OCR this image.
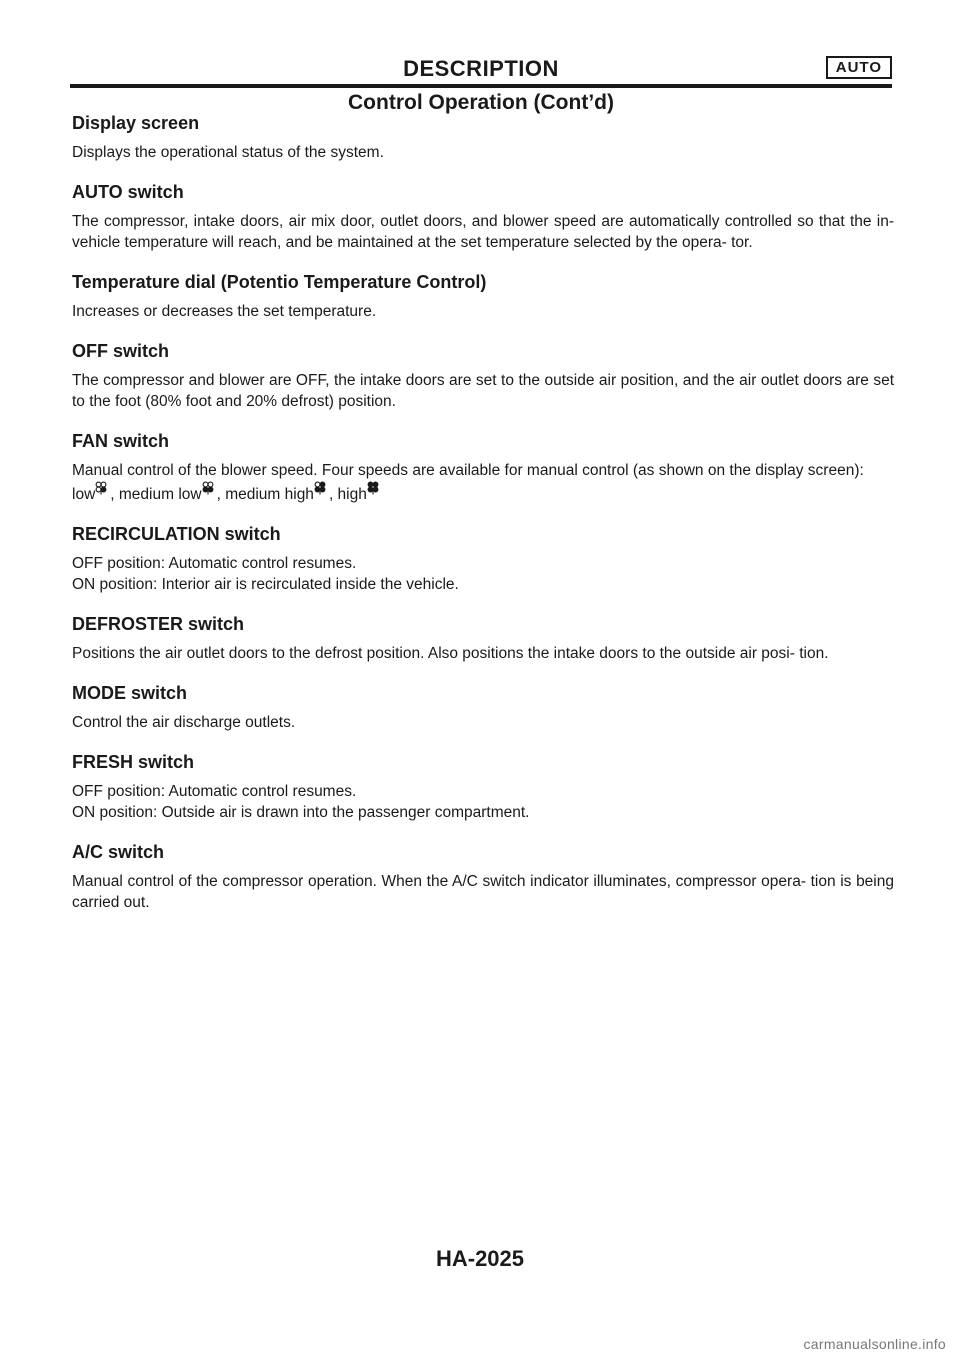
DESCRIPTION	AUTO
Control Operation (Cont’d)
Display screen

Displays the operational status of the system.

AUTO switch

The compressor, intake doors, air mix door, outlet doors, and blower speed are automatically controlled so that the in-vehicle temperature will reach, and be maintained at the set temperature selected by the opera- tor.

Temperature dial (Potentio Temperature Control)

Increases or decreases the set temperature.

OFF switch

The compressor and blower are OFF, the intake doors are set to the outside air position, and the air outlet doors are set to the foot (80% foot and 20% defrost) position.

FAN switch

Manual control of the blower speed. Four speeds are available for manual control (as shown on the display screen):

low , medium low , medium high , high
RECIRCULATION switch

OFF position: Automatic control resumes.

ON position: Interior air is recirculated inside the vehicle.

DEFROSTER switch

Positions the air outlet doors to the defrost position. Also positions the intake doors to the outside air posi- tion.

MODE switch

Control the air discharge outlets.

FRESH switch

OFF position: Automatic control resumes.

ON position: Outside air is drawn into the passenger compartment.

A/C switch

Manual control of the compressor operation. When the A/C switch indicator illuminates, compressor opera- tion is being carried out.

HA-2025
carmanualsonline.info
